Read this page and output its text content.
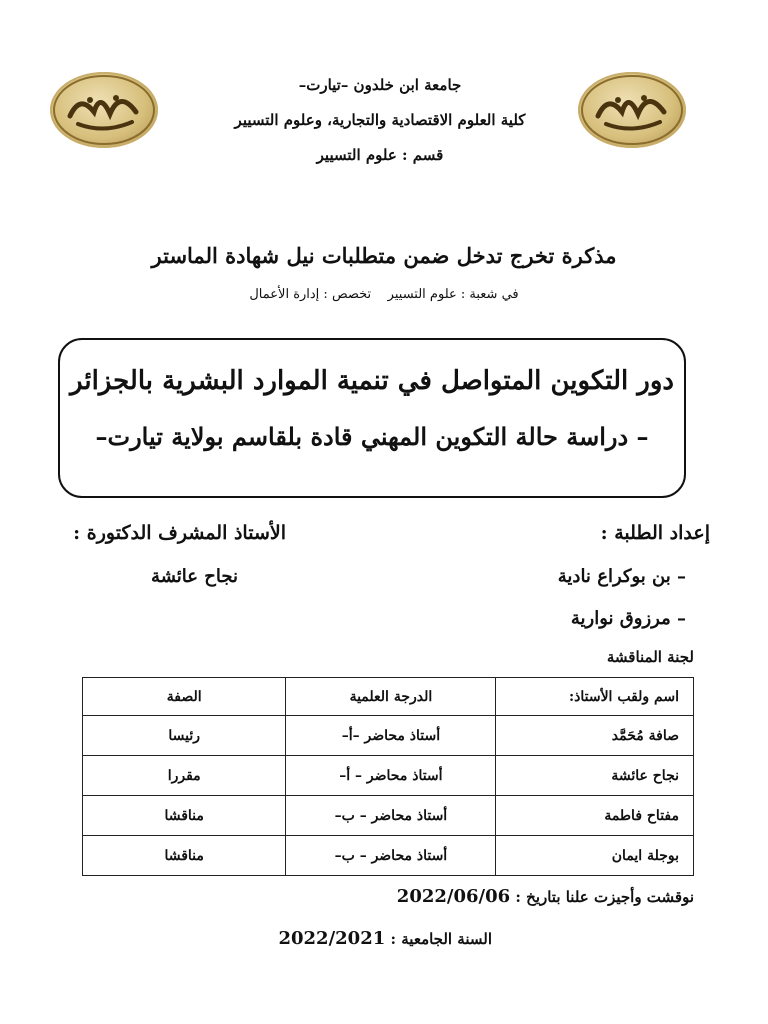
جامعة ابن خلدون –تيارت–
كلية العلوم الاقتصادية والتجارية، وعلوم التسيير
قسم : علوم التسيير
مذكرة تخرج تدخل ضمن متطلبات نيل شهادة الماستر
في شعبة : علوم التسيير    تخصص : إدارة الأعمال
دور التكوين المتواصل في تنمية الموارد البشرية بالجزائر
– دراسة حالة التكوين المهني قادة بلقاسم بولاية تيارت–
إعداد الطلبة :
الأستاذ المشرف الدكتورة :
– بن بوكراع نادية
– مرزوق نوارية
نجاح عائشة
لجنة المناقشة
اسم ولقب الأستاذ:	الدرجة العلمية	الصفة
صافة مُحَمَّد	أستاذ محاضر –أ–	رئيسا
نجاح عائشة	أستاذ محاضر – أ–	مقررا
مفتاح فاطمة	أستاذ محاضر – ب–	مناقشا
بوجلة ايمان	أستاذ محاضر – ب–	مناقشا
نوقشت وأجيزت علنا بتاريخ : 2022/06/06
السنة الجامعية : 2022/2021
